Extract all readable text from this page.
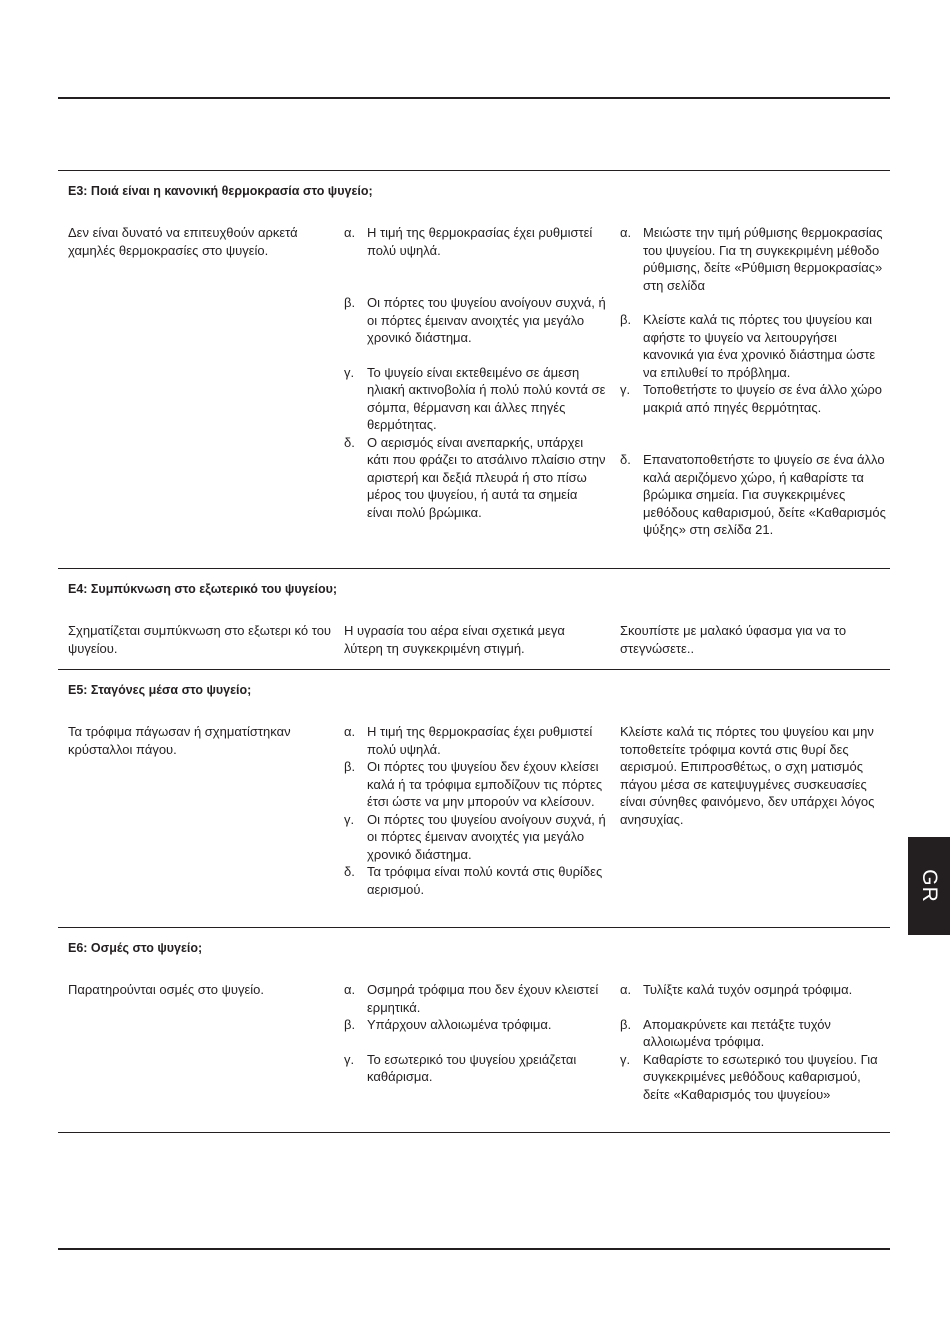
E3: Ποιά είναι η κανονική θερμοκρασία στο ψυγείο;
Δεν είναι δυνατό να επιτευχθούν αρκετά χαμηλές θερμοκρασίες στο ψυγείο.
α. Η τιμή της θερμοκρασίας έχει ρυθμιστεί πολύ υψηλά.
β. Οι πόρτες του ψυγείου ανοίγουν συχνά, ή οι πόρτες έμειναν ανοιχτές για μεγάλο χρονικό διάστημα.
γ. Το ψυγείο είναι εκτεθειμένο σε άμεση ηλιακή ακτινοβολία ή πολύ πολύ κοντά σε σόμπα, θέρμανση και άλλες πηγές θερμότητας.
δ. Ο αερισμός είναι ανεπαρκής, υπάρχει κάτι που φράζει το ατσάλινο πλαίσιο στην αριστερή και δεξιά πλευρά ή στο πίσω μέρος του ψυγείου, ή αυτά τα σημεία είναι πολύ βρώμικα.
α. Μειώστε την τιμή ρύθμισης θερμοκρασίας του ψυγείου. Για τη συγκεκριμένη μέθοδο ρύθμισης, δείτε «Ρύθμιση θερμοκρασίας» στη σελίδα
β. Κλείστε καλά τις πόρτες του ψυγείου και αφήστε το ψυγείο να λειτουργήσει κανονικά για ένα χρονικό διάστημα ώστε να επιλυθεί το πρόβλημα.
γ. Τοποθετήστε το ψυγείο σε ένα άλλο χώρο μακριά από πηγές θερμότητας.
δ. Επανατοποθετήστε το ψυγείο σε ένα άλλο καλά αεριζόμενο χώρο, ή καθαρίστε τα βρώμικα σημεία. Για συγκεκριμένες μεθόδους καθαρισμού, δείτε «Καθαρισμός ψύξης» στη σελίδα 21.
E4: Συμπύκνωση στο εξωτερικό του ψυγείου;
Σχηματίζεται συμπύκνωση στο εξωτερι κό του ψυγείου.
Η υγρασία του αέρα είναι σχετικά μεγα λύτερη τη συγκεκριμένη στιγμή.
Σκουπίστε με μαλακό ύφασμα για να το στεγνώσετε..
E5: Σταγόνες μέσα στο ψυγείο;
Τα τρόφιμα πάγωσαν ή σχηματίστηκαν κρύσταλλοι πάγου.
α. Η τιμή της θερμοκρασίας έχει ρυθμιστεί πολύ υψηλά.
β. Οι πόρτες του ψυγείου δεν έχουν κλείσει καλά ή τα τρόφιμα εμποδίζουν τις πόρτες έτσι ώστε να μην μπορούν να κλείσουν.
γ. Οι πόρτες του ψυγείου ανοίγουν συχνά, ή οι πόρτες έμειναν ανοιχτές για μεγάλο χρονικό διάστημα.
δ. Τα τρόφιμα είναι πολύ κοντά στις θυρίδες αερισμού.
Κλείστε καλά τις πόρτες του ψυγείου και μην τοποθετείτε τρόφιμα κοντά στις θυρί δες αερισμού. Επιπροσθέτως, ο σχη ματισμός πάγου μέσα σε κατεψυγμένες συσκευασίες είναι σύνηθες φαινόμενο, δεν υπάρχει λόγος ανησυχίας.
E6: Οσμές στο ψυγείο;
Παρατηρούνται οσμές στο ψυγείο.	α. Οσμηρά τρόφιμα που δεν έχουν κλειστεί ερμητικά.
β. Υπάρχουν αλλοιωμένα τρόφιμα.
γ. Το εσωτερικό του ψυγείου χρειάζεται καθάρισμα.
α. Τυλίξτε καλά τυχόν οσμηρά τρόφιμα.
β. Απομακρύνετε και πετάξτε τυχόν αλλοιωμένα τρόφιμα.
γ. Καθαρίστε το εσωτερικό του ψυγείου. Για συγκεκριμένες μεθόδους καθαρισμού, δείτε «Καθαρισμός του ψυγείου»
GR
